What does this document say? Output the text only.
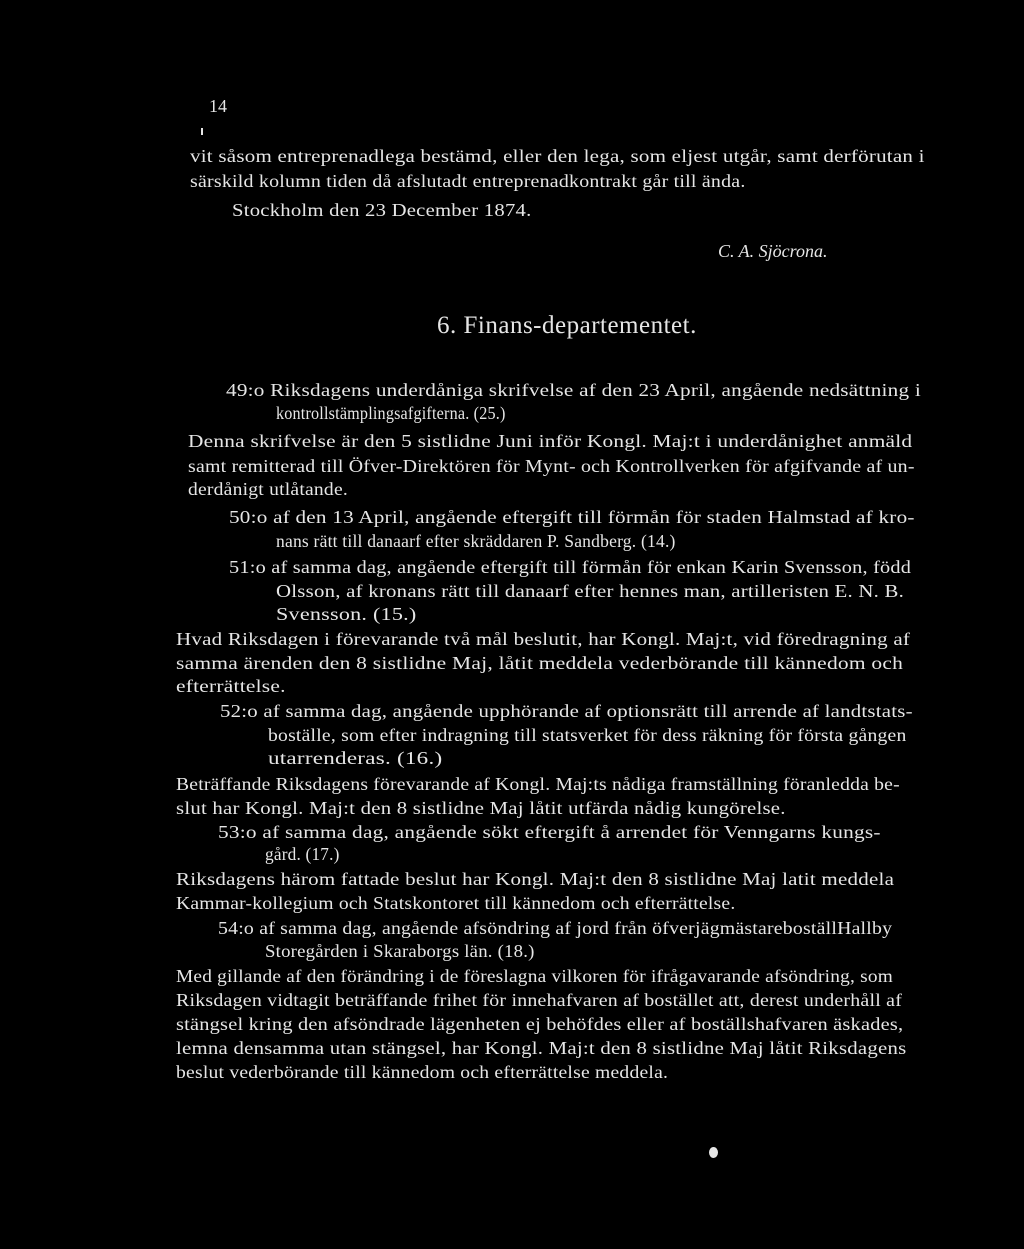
14
vit såsom entreprenadlega bestämd, eller den lega, som eljest utgår, samt derförutan i
särskild kolumn tiden då afslutadt entreprenadkontrakt går till ända.
Stockholm den 23 December 1874.
C. A. Sjöcrona.
6. Finans-departementet.
49:o Riksdagens underdåniga skrifvelse af den 23 April, angående nedsättning i
kontrollstämplingsafgifterna. (25.)
Denna skrifvelse är den 5 sistlidne Juni inför Kongl. Maj:t i underdånighet anmäld
samt remitterad till Öfver-Direktören för Mynt- och Kontrollverken för afgifvande af un-
derdånigt utlåtande.
50:o af den 13 April, angående eftergift till förmån för staden Halmstad af kro-
nans rätt till danaarf efter skräddaren P. Sandberg. (14.)
51:o af samma dag, angående eftergift till förmån för enkan Karin Svensson, född
Olsson, af kronans rätt till danaarf efter hennes man, artilleristen E. N. B.
Svensson. (15.)
Hvad Riksdagen i förevarande två mål beslutit, har Kongl. Maj:t, vid föredragning af
samma ärenden den 8 sistlidne Maj, låtit meddela vederbörande till kännedom och
efterrättelse.
52:o af samma dag, angående upphörande af optionsrätt till arrende af landtstats-
boställe, som efter indragning till statsverket för dess räkning för första gången
utarrenderas. (16.)
Beträffande Riksdagens förevarande af Kongl. Maj:ts nådiga framställning föranledda be-
slut har Kongl. Maj:t den 8 sistlidne Maj låtit utfärda nådig kungörelse.
53:o af samma dag, angående sökt eftergift å arrendet för Venngarns kungs-
gård. (17.)
Riksdagens härom fattade beslut har Kongl. Maj:t den 8 sistlidne Maj latit meddela
Kammar-kollegium och Statskontoret till kännedom och efterrättelse.
54:o af samma dag, angående afsöndring af jord från öfverjägmästareboställHallby
Storegården i Skaraborgs län. (18.)
Med gillande af den förändring i de föreslagna vilkoren för ifrågavarande afsöndring, som
Riksdagen vidtagit beträffande frihet för innehafvaren af bostället att, derest underhåll af
stängsel kring den afsöndrade lägenheten ej behöfdes eller af boställshafvaren äskades,
lemna densamma utan stängsel, har Kongl. Maj:t den 8 sistlidne Maj låtit Riksdagens
beslut vederbörande till kännedom och efterrättelse meddela.
